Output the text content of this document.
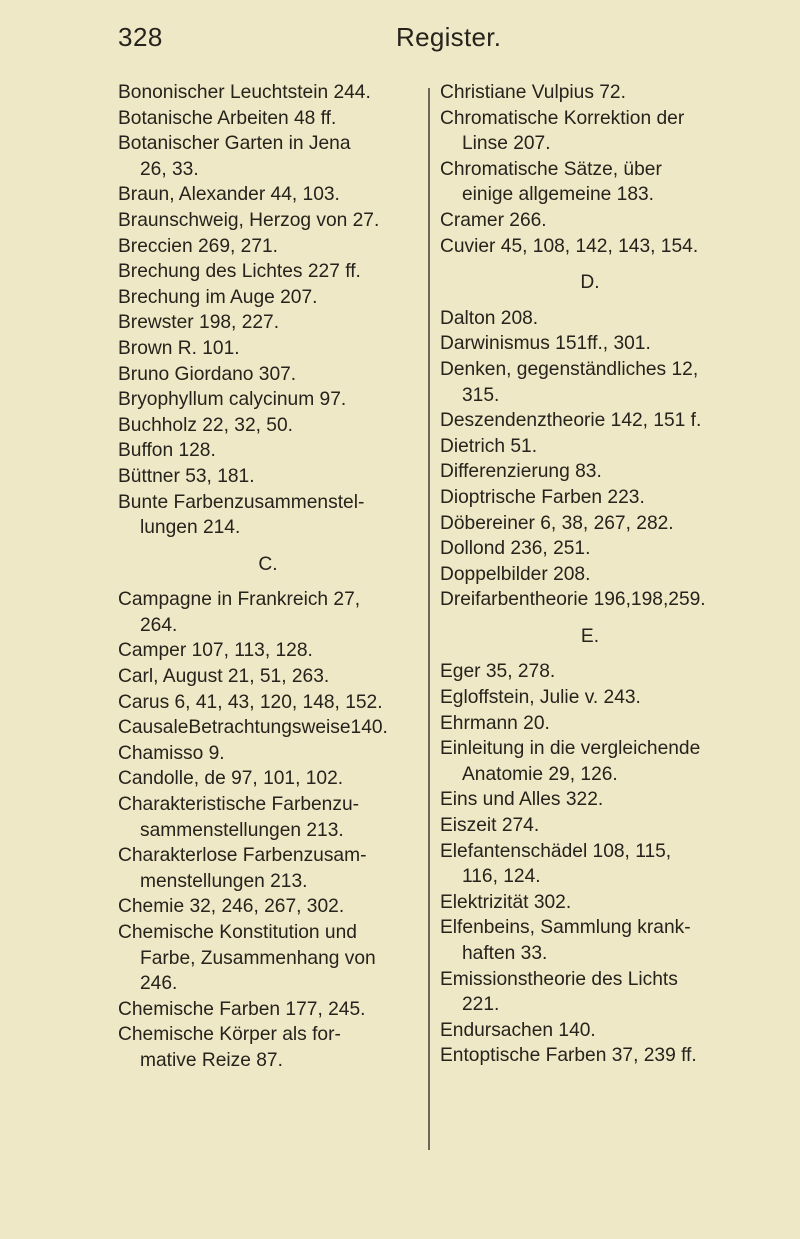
328	Register.
Bononischer Leuchtstein 244.
Botanische Arbeiten 48 ff.
Botanischer Garten in Jena
26, 33.
Braun, Alexander 44, 103.
Braunschweig, Herzog von 27.
Breccien 269, 271.
Brechung des Lichtes 227 ff.
Brechung im Auge 207.
Brewster 198, 227.
Brown R. 101.
Bruno Giordano 307.
Bryophyllum calycinum 97.
Buchholz 22, 32, 50.
Buffon 128.
Büttner 53, 181.
Bunte Farbenzusammenstel-
lungen 214.
C.
Campagne in Frankreich 27,
264.
Camper 107, 113, 128.
Carl, August 21, 51, 263.
Carus 6, 41, 43, 120, 148, 152.
CausaleBetrachtungsweise140.
Chamisso 9.
Candolle, de 97, 101, 102.
Charakteristische Farbenzu-
sammenstellungen 213.
Charakterlose Farbenzusam-
menstellungen 213.
Chemie 32, 246, 267, 302.
Chemische Konstitution und
Farbe, Zusammenhang von
246.
Chemische Farben 177, 245.
Chemische Körper als for-
mative Reize 87.
Christiane Vulpius 72.
Chromatische Korrektion der
Linse 207.
Chromatische Sätze, über
einige allgemeine 183.
Cramer 266.
Cuvier 45, 108, 142, 143, 154.
D.
Dalton 208.
Darwinismus 151ff., 301.
Denken, gegenständliches 12,
315.
Deszendenztheorie 142, 151 f.
Dietrich 51.
Differenzierung 83.
Dioptrische Farben 223.
Döbereiner 6, 38, 267, 282.
Dollond 236, 251.
Doppelbilder 208.
Dreifarbentheorie 196,198,259.
E.
Eger 35, 278.
Egloffstein, Julie v. 243.
Ehrmann 20.
Einleitung in die vergleichende
Anatomie 29, 126.
Eins und Alles 322.
Eiszeit 274.
Elefantenschädel 108, 115,
116, 124.
Elektrizität 302.
Elfenbeins, Sammlung krank-
haften 33.
Emissionstheorie des Lichts
221.
Endursachen 140.
Entoptische Farben 37, 239 ff.
